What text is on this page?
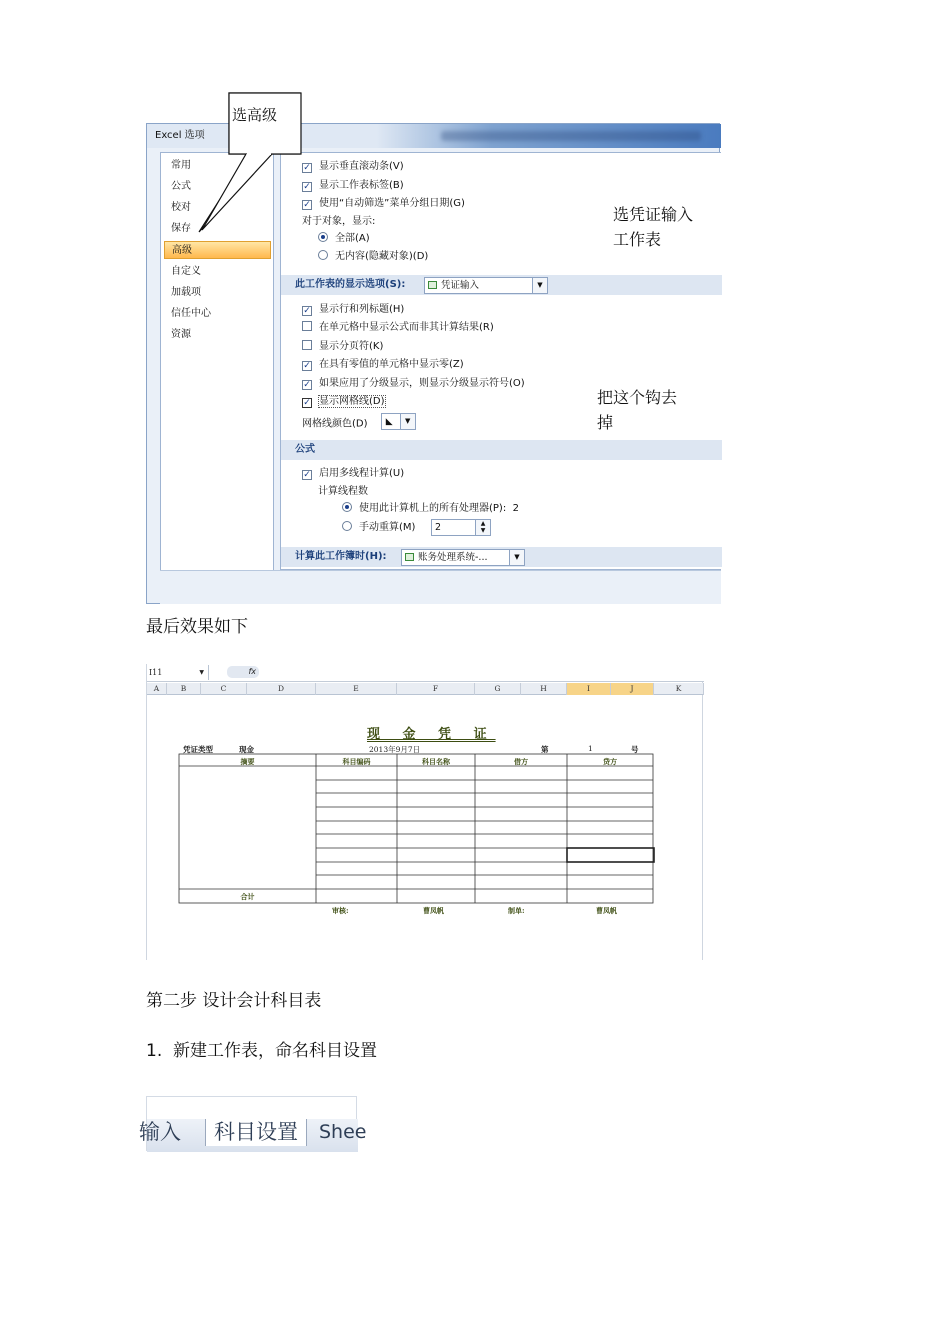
Excel 选项
常用
公式
校对
保存
高级
自定义
加载项
信任中心
资源
✓ 显示垂直滚动条(V)
✓ 显示工作表标签(B)
✓ 使用“自动筛选”菜单分组日期(G)
对于对象，显示:
全部(A)
无内容(隐藏对象)(D)
此工作表的显示选项(S):	凭证输入	▼
✓ 显示行和列标题(H)
在单元格中显示公式而非其计算结果(R)
显示分页符(K)
✓ 在具有零值的单元格中显示零(Z)
✓ 如果应用了分级显示，则显示分级显示符号(O)
✓ 显示网格线(D)
网格线颜色(D) ◣	▼
公式
✓ 启用多线程计算(U)
计算线程数
使用此计算机上的所有处理器(P): 2
手动重算(M)	2	▲
▼
计算此工作簿时(H):	账务处理系统-...	▼
选高级
选凭证输入
工作表
把这个钩去
掉
最后效果如下
I11	▼	fx
A	B	C	D	E	F	G	H	I	J	K
现 金 凭 证
凭证类型	现金	2013年9月7日	第	1	号
摘要	科目编码	科目名称	借方	贷方
合计
审核:	曹凤帆	制单:	曹凤帆
第二步 设计会计科目表
1. 新建工作表，命名科目设置
输入	科目设置	Shee
